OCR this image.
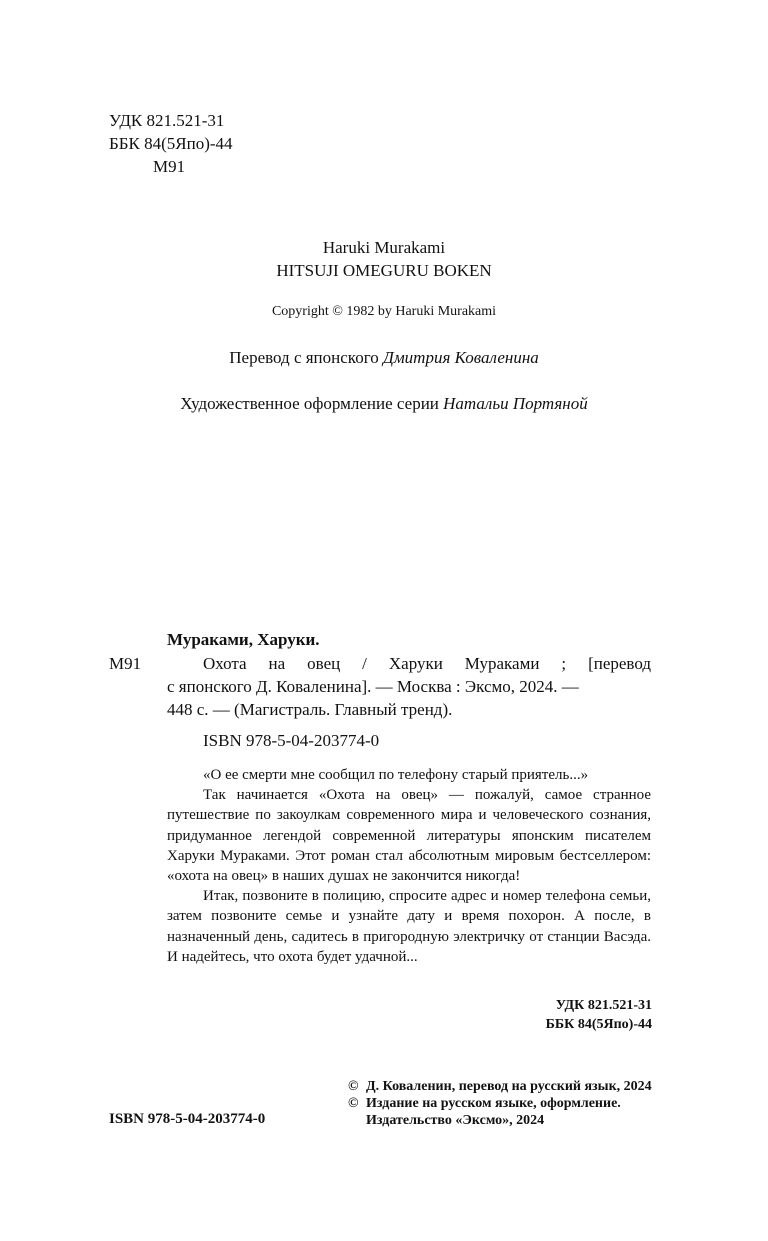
УДК 821.521-31
ББК 84(5Япо)-44
М91
Haruki Murakami
HITSUJI OMEGURU BOKEN
Copyright © 1982 by Haruki Murakami
Перевод с японского Дмитрия Коваленина
Художественное оформление серии Натальи Портяной
Мураками, Харуки.
М91	Охота на овец / Харуки Мураками ; [перевод

с японского Д. Коваленина]. — Москва : Эксмо, 2024. —

448 с. — (Магистраль. Главный тренд).

ISBN 978-5-04-203774-0

«О ее смерти мне сообщил по телефону старый приятель...»

Так начинается «Охота на овец» — пожалуй, самое странное путешествие по закоулкам современного мира и человеческого сознания, придуманное легендой современной литературы японским писателем Харуки Мураками. Этот роман стал абсолютным мировым бестселлером: «охота на овец» в наших душах не закончится никогда!

Итак, позвоните в полицию, спросите адрес и номер телефона семьи, затем позвоните семье и узнайте дату и время похорон. А после, в назначенный день, садитесь в пригородную электричку от станции Васэда. И надейтесь, что охота будет удачной...

УДК 821.521-31
ББК 84(5Япо)-44
© Д. Коваленин, перевод на русский язык, 2024
© Издание на русском языке, оформление.
Издательство «Эксмо», 2024
ISBN 978-5-04-203774-0
